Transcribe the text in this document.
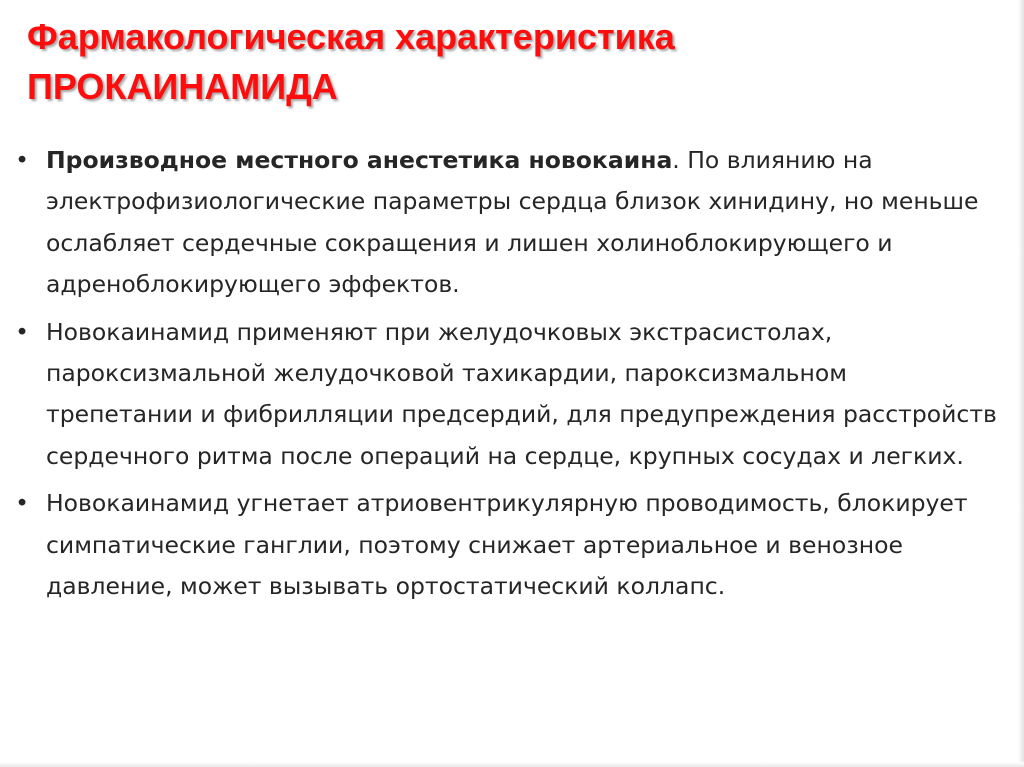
Фармакологическая характеристика
ПРОКАИНАМИДА
• Производное местного анестетика новокаина. По влиянию на электрофизиологические параметры сердца близок хинидину, но меньше ослабляет сердечные сокращения и лишен холиноблокирующего и адреноблокирующего эффектов.
• Новокаинамид применяют при желудочковых экстрасистолах, пароксизмальной желудочковой тахикардии, пароксизмальном трепетании и фибрилляции предсердий, для предупреждения расстройств сердечного ритма после операций на сердце, крупных сосудах и легких.
• Новокаинамид угнетает атриовентрикулярную проводимость, блокирует симпатические ганглии, поэтому снижает артериальное и венозное давление, может вызывать ортостатический коллапс.
